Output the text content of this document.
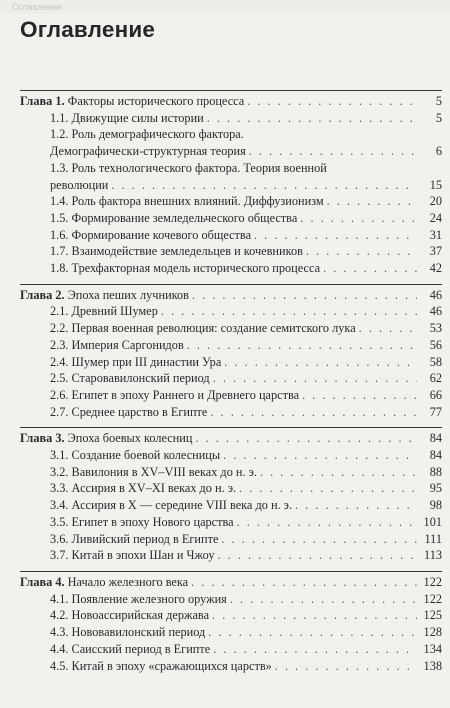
Оглавление
Оглавление
Глава 1. Факторы исторического процесса . . .	5
1.1. Движущие силы истории . . .	5
1.2. Роль демографического фактора.
Демографически-структурная теория . . .	6
1.3. Роль технологического фактора. Теория военной
революции . . .	15
1.4. Роль фактора внешних влияний. Диффузионизм . . .	20
1.5. Формирование земледельческого общества . . .	24
1.6. Формирование кочевого общества . . .	31
1.7. Взаимодействие земледельцев и кочевников . . .	37
1.8. Трехфакторная модель исторического процесса . . .	42
Глава 2. Эпоха пеших лучников . . .	46
2.1. Древний Шумер . . .	46
2.2. Первая военная революция: создание семитского лука . . .	53
2.3. Империя Саргонидов . . .	56
2.4. Шумер при III династии Ура . . .	58
2.5. Старовавилонский период . . .	62
2.6. Египет в эпоху Раннего и Древнего царства . . .	66
2.7. Среднее царство в Египте . . .	77
Глава 3. Эпоха боевых колесниц . . .	84
3.1. Создание боевой колесницы . . .	84
3.2. Вавилония в XV–VIII веках до н. э. . . .	88
3.3. Ассирия в XV–XI веках до н. э. . . .	95
3.4. Ассирия в X — середине VIII века до н. э. . . .	98
3.5. Египет в эпоху Нового царства . . .	101
3.6. Ливийский период в Египте . . .	111
3.7. Китай в эпохи Шан и Чжоу . . .	113
Глава 4. Начало железного века . . .	122
4.1. Появление железного оружия . . .	122
4.2. Новоассирийская держава . . .	125
4.3. Нововавилонский период . . .	128
4.4. Саисский период в Египте . . .	134
4.5. Китай в эпоху «сражающихся царств» . . .	138
